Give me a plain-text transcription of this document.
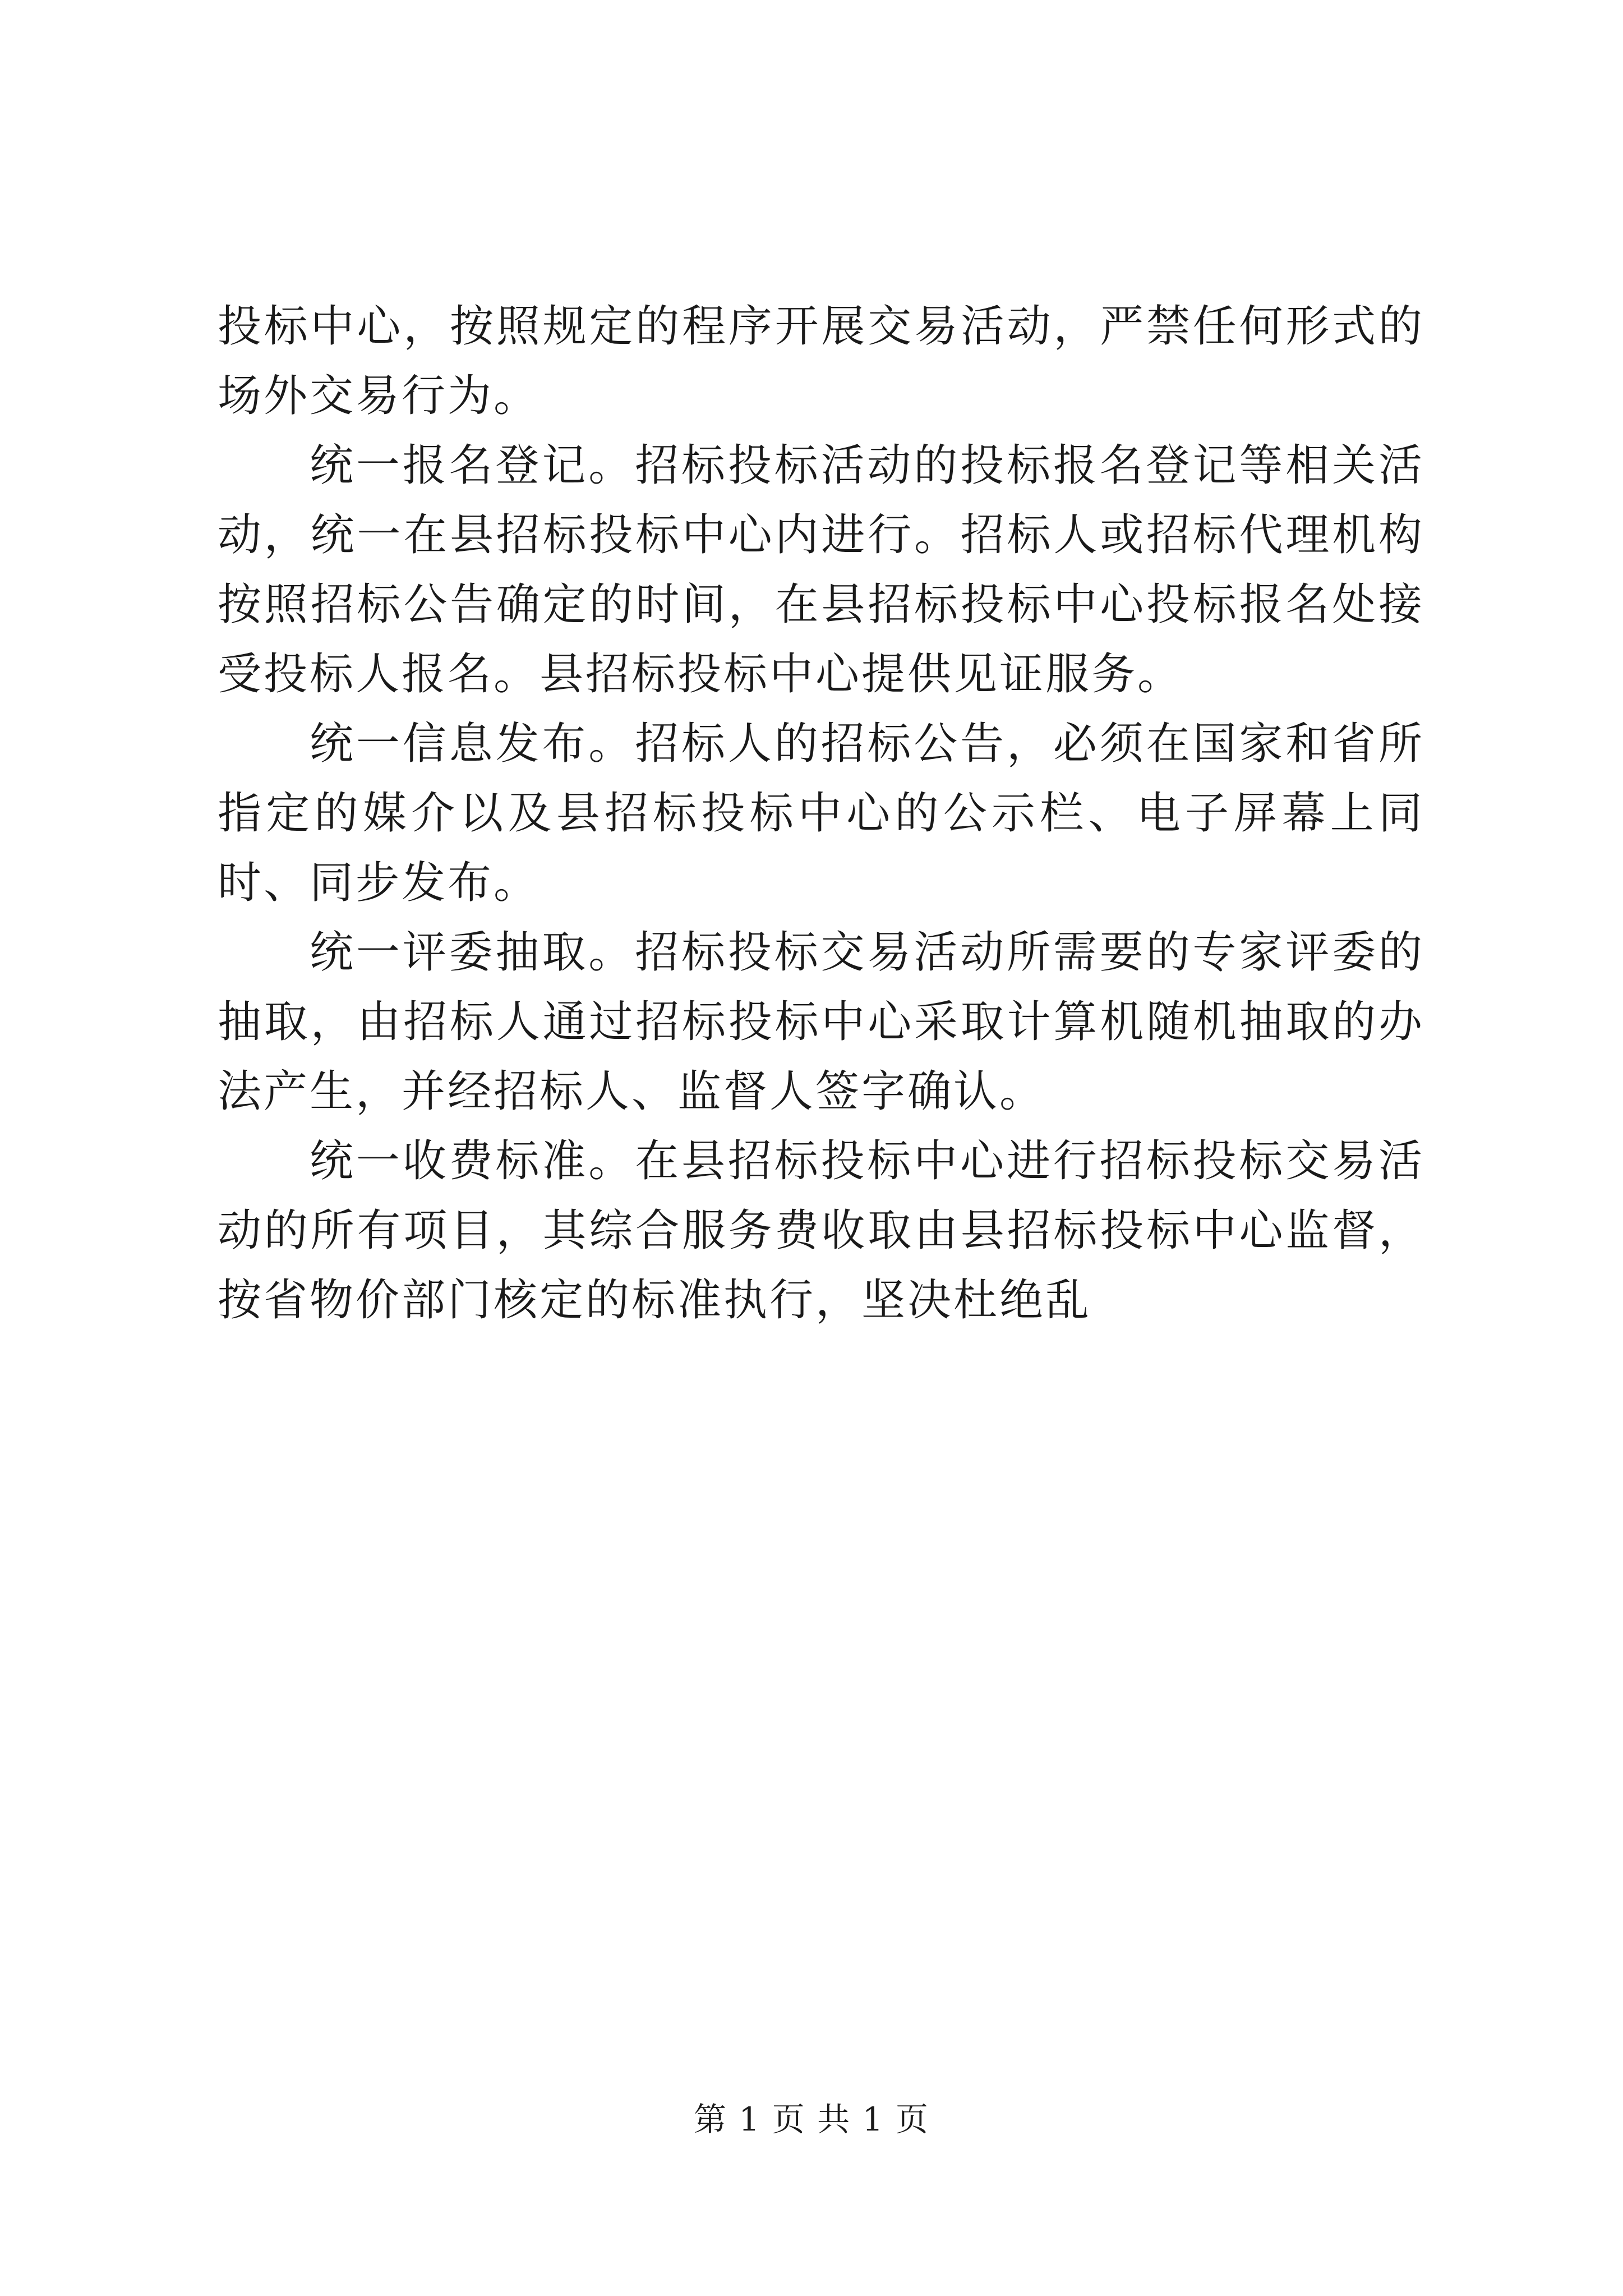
投标中心，按照规定的程序开展交易活动，严禁任何形式的场外交易行为。

统一报名登记。招标投标活动的投标报名登记等相关活动，统一在县招标投标中心内进行。招标人或招标代理机构按照招标公告确定的时间，在县招标投标中心投标报名处接受投标人报名。县招标投标中心提供见证服务。

统一信息发布。招标人的招标公告，必须在国家和省所指定的媒介以及县招标投标中心的公示栏、电子屏幕上同时、同步发布。

统一评委抽取。招标投标交易活动所需要的专家评委的抽取，由招标人通过招标投标中心采取计算机随机抽取的办法产生，并经招标人、监督人签字确认。

统一收费标准。在县招标投标中心进行招标投标交易活动的所有项目，其综合服务费收取由县招标投标中心监督，按省物价部门核定的标准执行，坚决杜绝乱

第 1 页 共 1 页
